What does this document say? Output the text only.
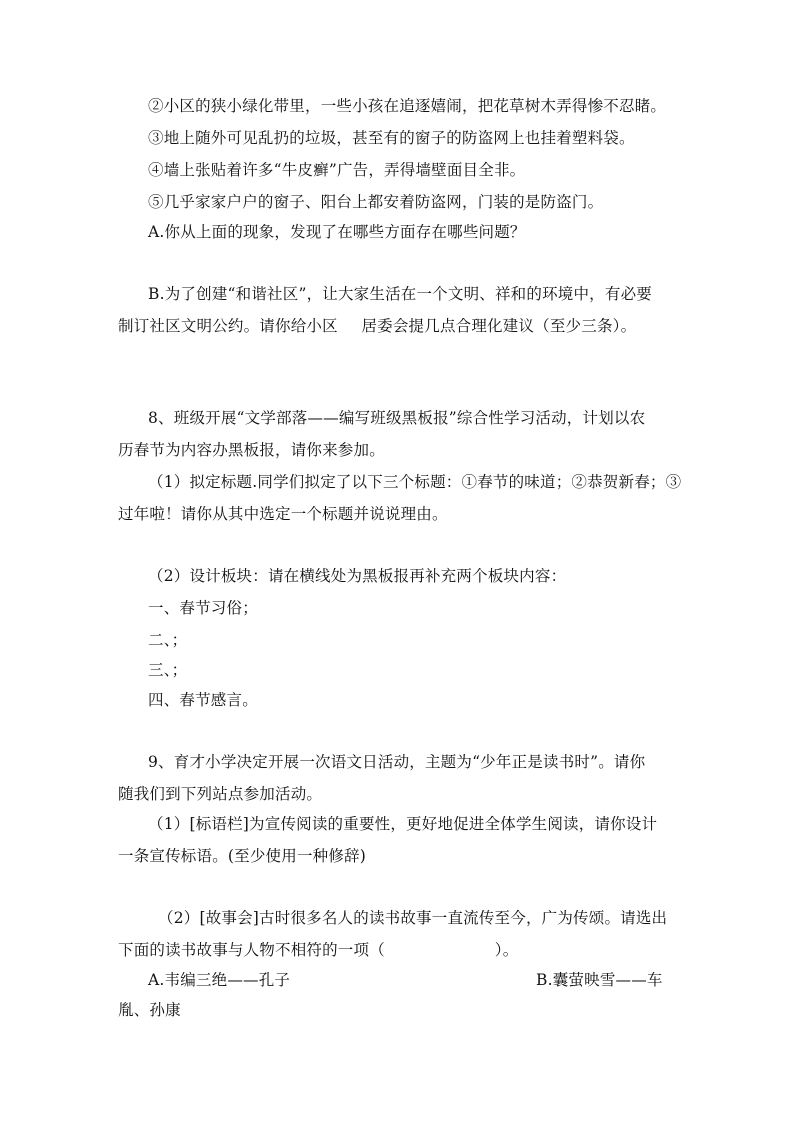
②小区的狭小绿化带里，一些小孩在追逐嬉闹，把花草树木弄得惨不忍睹。
③地上随外可见乱扔的垃圾，甚至有的窗子的防盗网上也挂着塑料袋。
④墙上张贴着许多“牛皮癣”广告，弄得墙壁面目全非。
⑤几乎家家户户的窗子、阳台上都安着防盗网，门装的是防盗门。
A.你从上面的现象，发现了在哪些方面存在哪些问题？
B.为了创建“和谐社区”，让大家生活在一个文明、祥和的环境中，有必要
制订社区文明公约。请你给小区  居委会提几点合理化建议（至少三条）。
8、班级开展“文学部落——编写班级黑板报”综合性学习活动，计划以农
历春节为内容办黑板报，请你来参加。
（1）拟定标题.同学们拟定了以下三个标题：①春节的味道；②恭贺新春；③
过年啦！请你从其中选定一个标题并说说理由。
（2）设计板块：请在横线处为黑板报再补充两个板块内容：
一、春节习俗；
二、；
三、；
四、春节感言。
9、育才小学决定开展一次语文日活动，主题为“少年正是读书时”。请你
随我们到下列站点参加活动。
（1）[标语栏]为宣传阅读的重要性，更好地促进全体学生阅读，请你设计
一条宣传标语。(至少使用一种修辞)
（2）[故事会]古时很多名人的读书故事一直流传至今，广为传颂。请选出
下面的读书故事与人物不相符的一项（       ）。
A.韦编三绝——孔子	B.囊萤映雪——车
胤、孙康
